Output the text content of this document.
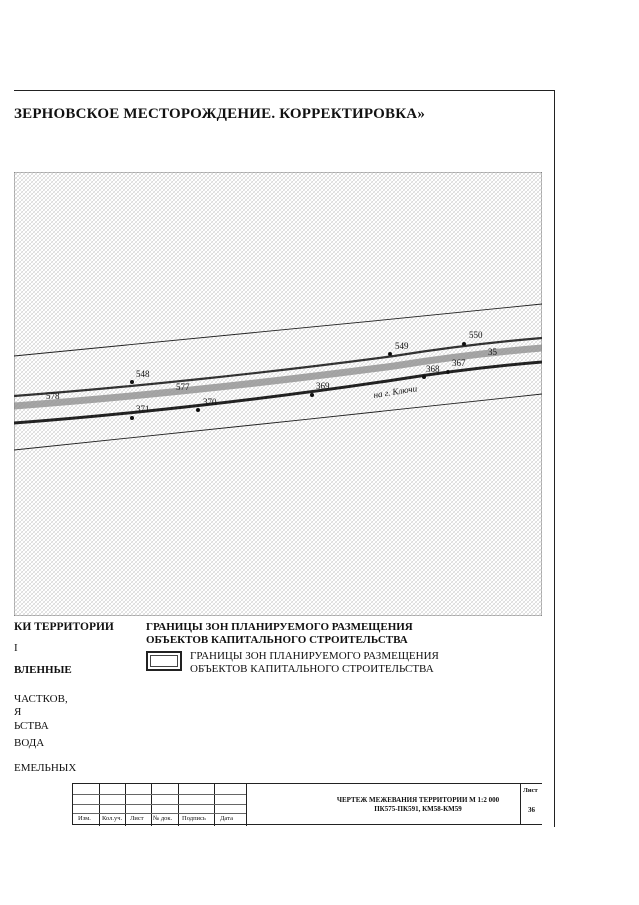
ЗЕРНОВСКОЕ МЕСТОРОЖДЕНИЕ. КОРРЕКТИРОВКА»
548
549
550
371
370
369
368
367
578
577
35
на г. Ключи
КИ ТЕРРИТОРИИ
І
ВЛЕННЫЕ
ЧАСТКОВ,
Я
ЬСТВА
ВОДА
ЕМЕЛЬНЫХ
ГРАНИЦЫ ЗОН ПЛАНИРУЕМОГО РАЗМЕЩЕНИЯ
ОБЪЕКТОВ КАПИТАЛЬНОГО СТРОИТЕЛЬСТВА
ГРАНИЦЫ ЗОН ПЛАНИРУЕМОГО РАЗМЕЩЕНИЯ
ОБЪЕКТОВ КАПИТАЛЬНОГО СТРОИТЕЛЬСТВА
Изм. Кол.уч. Лист № док. Подпись Дата
ЧЕРТЕЖ МЕЖЕВАНИЯ ТЕРРИТОРИИ М 1:2 000
ПК575-ПК591, КМ58-КМ59
Лист
36
